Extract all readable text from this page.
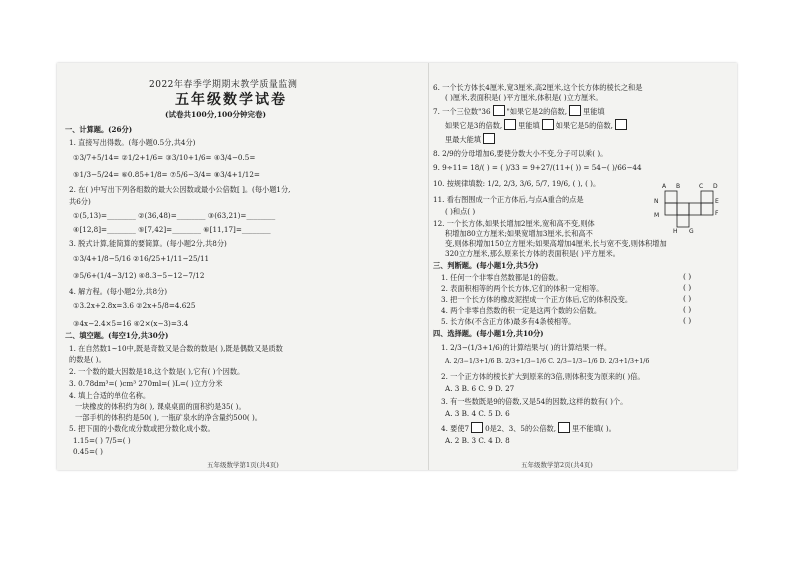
2022年春季学期期末教学质量监测
五年级数学试卷
(试卷共100分,100分钟完卷)
一、计算题。(26分)
1. 直接写出得数。(每小题0.5分,共4分)
①3/7+5/14= ②1/2+1/6= ③3/10+1/6= ④3/4−0.5=
⑤1/3−5/24= ⑥0.85+1/8= ⑦5/6−3/4= ⑧3/4+1/12=
2. 在( )中写出下列各组数的最大公因数或最小公倍数[ ]。(每小题1分,
共6分)
①(5,13)=________ ②(36,48)=________ ③(63,21)=________
④[12,8]=________ ⑤[7,42]=________ ⑥[11,17]=________
3. 脱式计算,能简算的要简算。(每小题2分,共8分)
①3/4+1/8−5/16 ②16/25+1/11−25/11
③5/6+(1/4−3/12) ④8.3−5−12−7/12
4. 解方程。(每小题2分,共8分)
①3.2x+2.8x=3.6 ②2x+5/8=4.625
③4x−2.4×5=16 ④2×(x−3)=3.4
二、填空题。(每空1分,共30分)
1. 在自然数1~10中,既是奇数又是合数的数是( ),既是偶数又是质数
的数是( )。
2. 一个数的最大因数是18,这个数是( ),它有( )个因数。
3. 0.78dm³=( )cm³ 270ml=( )L=( )立方分米
4. 填上合适的单位名称。
一块橡皮的体积约为8( ), 课桌桌面的面积约是35( )。
一部手机的体积约是50( ), 一瓶矿泉水的净含量约500( )。
5. 把下面的小数化成分数或把分数化成小数。
1.15=( ) 7/5=( )
0.45=( )
五年级数学第1页(共4页)
6. 一个长方体长4厘米,宽3厘米,高2厘米,这个长方体的棱长之和是
( )厘米,表面积是( )平方厘米,体积是( )立方厘米。
7. 一个三位数"36 "如果它是2的倍数, 里能填
如果它是3的倍数, 里能填 如果它是5的倍数,
里最大能填
8. 2/9的分母增加6,要使分数大小不变,分子可以乘( )。
9. 9÷11= 18/( ) = ( )/33 = 9+27/(11+( )) = 54−( )/66−44
10. 按规律填数: 1/2, 2/3, 3/6, 5/7, 19/6, ( ), ( )。
11. 看右图围成一个正方体后,与点A重合的点是
( )和点( )
12. 一个长方体,如果长增加2厘米,宽和高不变,则体
积增加80立方厘米;如果宽增加3厘米,长和高不
变,则体积增加150立方厘米;如果高增加4厘米,长与宽不变,则体积增加
320立方厘米,那么原来长方体的表面积是( )平方厘米。
A B	C D
N	E
F
M
H G
三、判断题。(每小题1分,共5分)
1. 任何一个非零自然数都是1的倍数。
2. 表面积相等的两个长方体,它们的体积一定相等。
3. 把一个长方体的橡皮泥捏成一个正方体后,它的体积没变。
4. 两个非零自然数的积一定是这两个数的公倍数。
5. 长方体(不含正方体)最多有4条棱相等。
( )
( )
( )
( )
( )
四、选择题。(每小题1分,共10分)
1. 2/3−(1/3+1/6)的计算结果与( )的计算结果一样。
A. 2/3−1/3+1/6 B. 2/3+1/3−1/6 C. 2/3−1/3−1/6 D. 2/3+1/3+1/6
2. 一个正方体的棱长扩大到原来的3倍,则体积变为原来的( )倍。
A. 3 B. 6 C. 9 D. 27
3. 有一些数既是9的倍数,又是54的因数,这样的数有( )个。
A. 3 B. 4 C. 5 D. 6
4. 要使7 0是2、3、5的公倍数, 里不能填( )。
A. 2 B. 3 C. 4 D. 8
五年级数学第2页(共4页)
